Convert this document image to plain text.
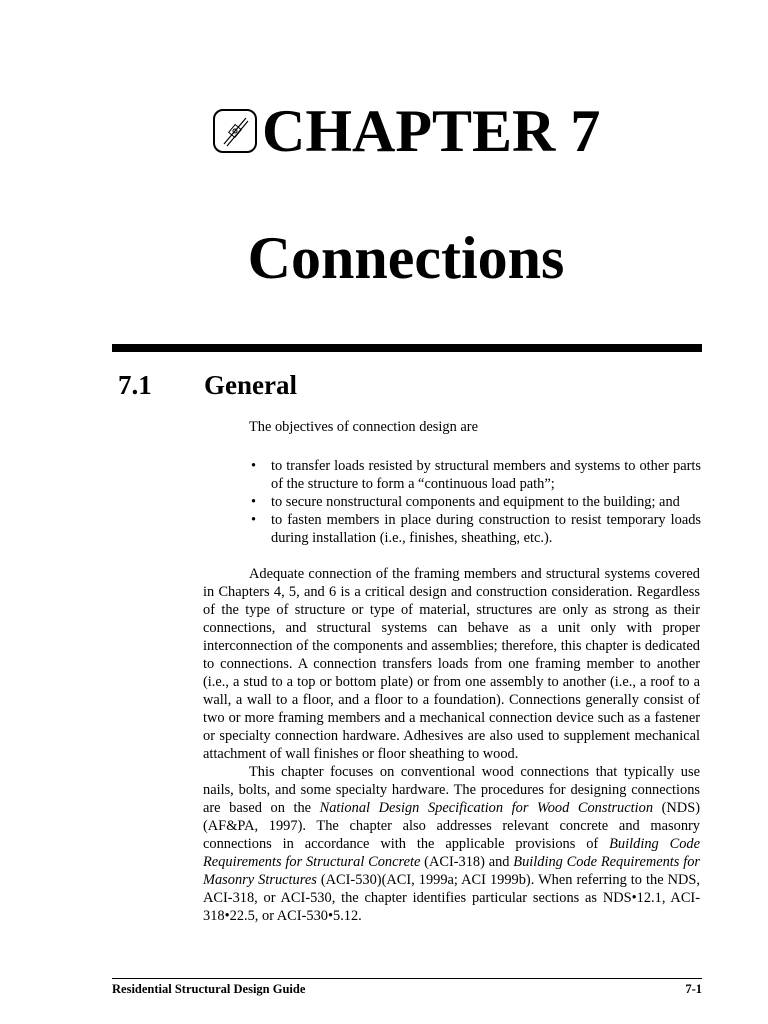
CHAPTER 7
Connections
7.1 General
The objectives of connection design are
• to transfer loads resisted by structural members and systems to other parts of the structure to form a “continuous load path”;
• to secure nonstructural components and equipment to the building; and
• to fasten members in place during construction to resist temporary loads during installation (i.e., finishes, sheathing, etc.).

Adequate connection of the framing members and structural systems covered in Chapters 4, 5, and 6 is a critical design and construction consideration. Regardless of the type of structure or type of material, structures are only as strong as their connections, and structural systems can behave as a unit only with proper interconnection of the components and assemblies; therefore, this chapter is dedicated to connections. A connection transfers loads from one framing member to another (i.e., a stud to a top or bottom plate) or from one assembly to another (i.e., a roof to a wall, a wall to a floor, and a floor to a foundation). Connections generally consist of two or more framing members and a mechanical connection device such as a fastener or specialty connection hardware. Adhesives are also used to supplement mechanical attachment of wall finishes or floor sheathing to wood.

This chapter focuses on conventional wood connections that typically use nails, bolts, and some specialty hardware. The procedures for designing connections are based on the National Design Specification for Wood Construction (NDS) (AF&PA, 1997). The chapter also addresses relevant concrete and masonry connections in accordance with the applicable provisions of Building Code Requirements for Structural Concrete (ACI-318) and Building Code Requirements for Masonry Structures (ACI-530)(ACI, 1999a; ACI 1999b). When referring to the NDS, ACI-318, or ACI-530, the chapter identifies particular sections as NDS•12.1, ACI-318•22.5, or ACI-530•5.12.

Residential Structural Design Guide	7-1
